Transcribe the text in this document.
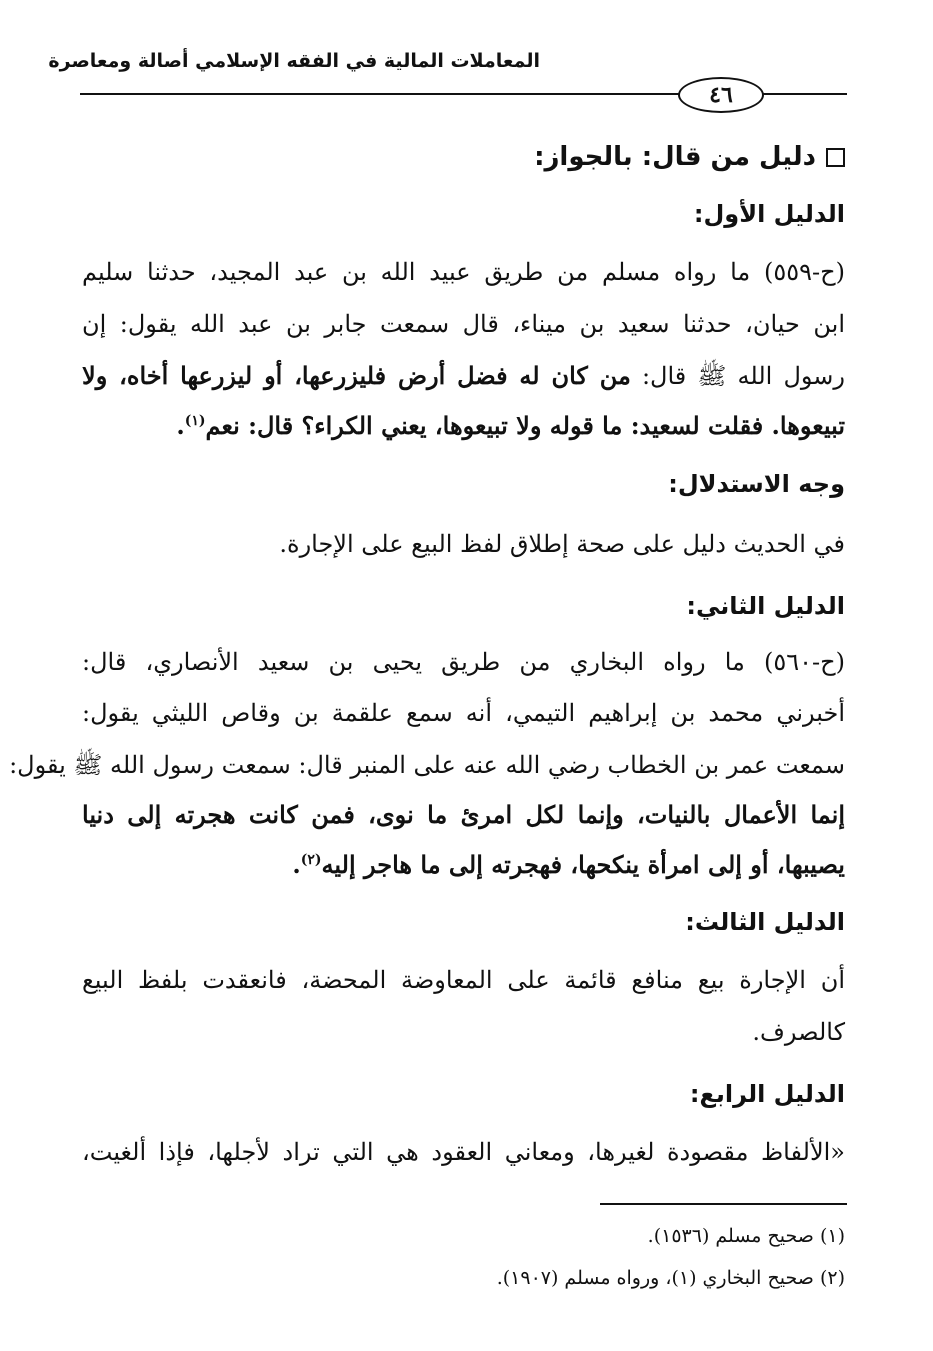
المعاملات المالية في الفقه الإسلامي أصالة ومعاصرة
٤٦
دليل من قال: بالجواز:
الدليل الأول:
(ح-٥٥٩) ما رواه مسلم من طريق عبيد الله بن عبد المجيد، حدثنا سليم
ابن حيان، حدثنا سعيد بن ميناء، قال سمعت جابر بن عبد الله يقول: إن
رسول الله ﷺ قال: من كان له فضل أرض فليزرعها، أو ليزرعها أخاه، ولا
تبيعوها. فقلت لسعيد: ما قوله ولا تبيعوها، يعني الكراء؟ قال: نعم$^{(١)}$.
وجه الاستدلال:
في الحديث دليل على صحة إطلاق لفظ البيع على الإجارة.
الدليل الثاني:
(ح-٥٦٠) ما رواه البخاري من طريق يحيى بن سعيد الأنصاري، قال:
أخبرني محمد بن إبراهيم التيمي، أنه سمع علقمة بن وقاص الليثي يقول:
سمعت عمر بن الخطاب رضي الله عنه على المنبر قال: سمعت رسول الله ﷺ يقول:
إنما الأعمال بالنيات، وإنما لكل امرئ ما نوى، فمن كانت هجرته إلى دنيا
يصيبها، أو إلى امرأة ينكحها، فهجرته إلى ما هاجر إليه$^{(٢)}$.
الدليل الثالث:
أن الإجارة بيع منافع قائمة على المعاوضة المحضة، فانعقدت بلفظ البيع
كالصرف.
الدليل الرابع:
«الألفاظ مقصودة لغيرها، ومعاني العقود هي التي تراد لأجلها، فإذا ألغيت،
(١) صحيح مسلم (١٥٣٦).
(٢) صحيح البخاري (١)، ورواه مسلم (١٩٠٧).
